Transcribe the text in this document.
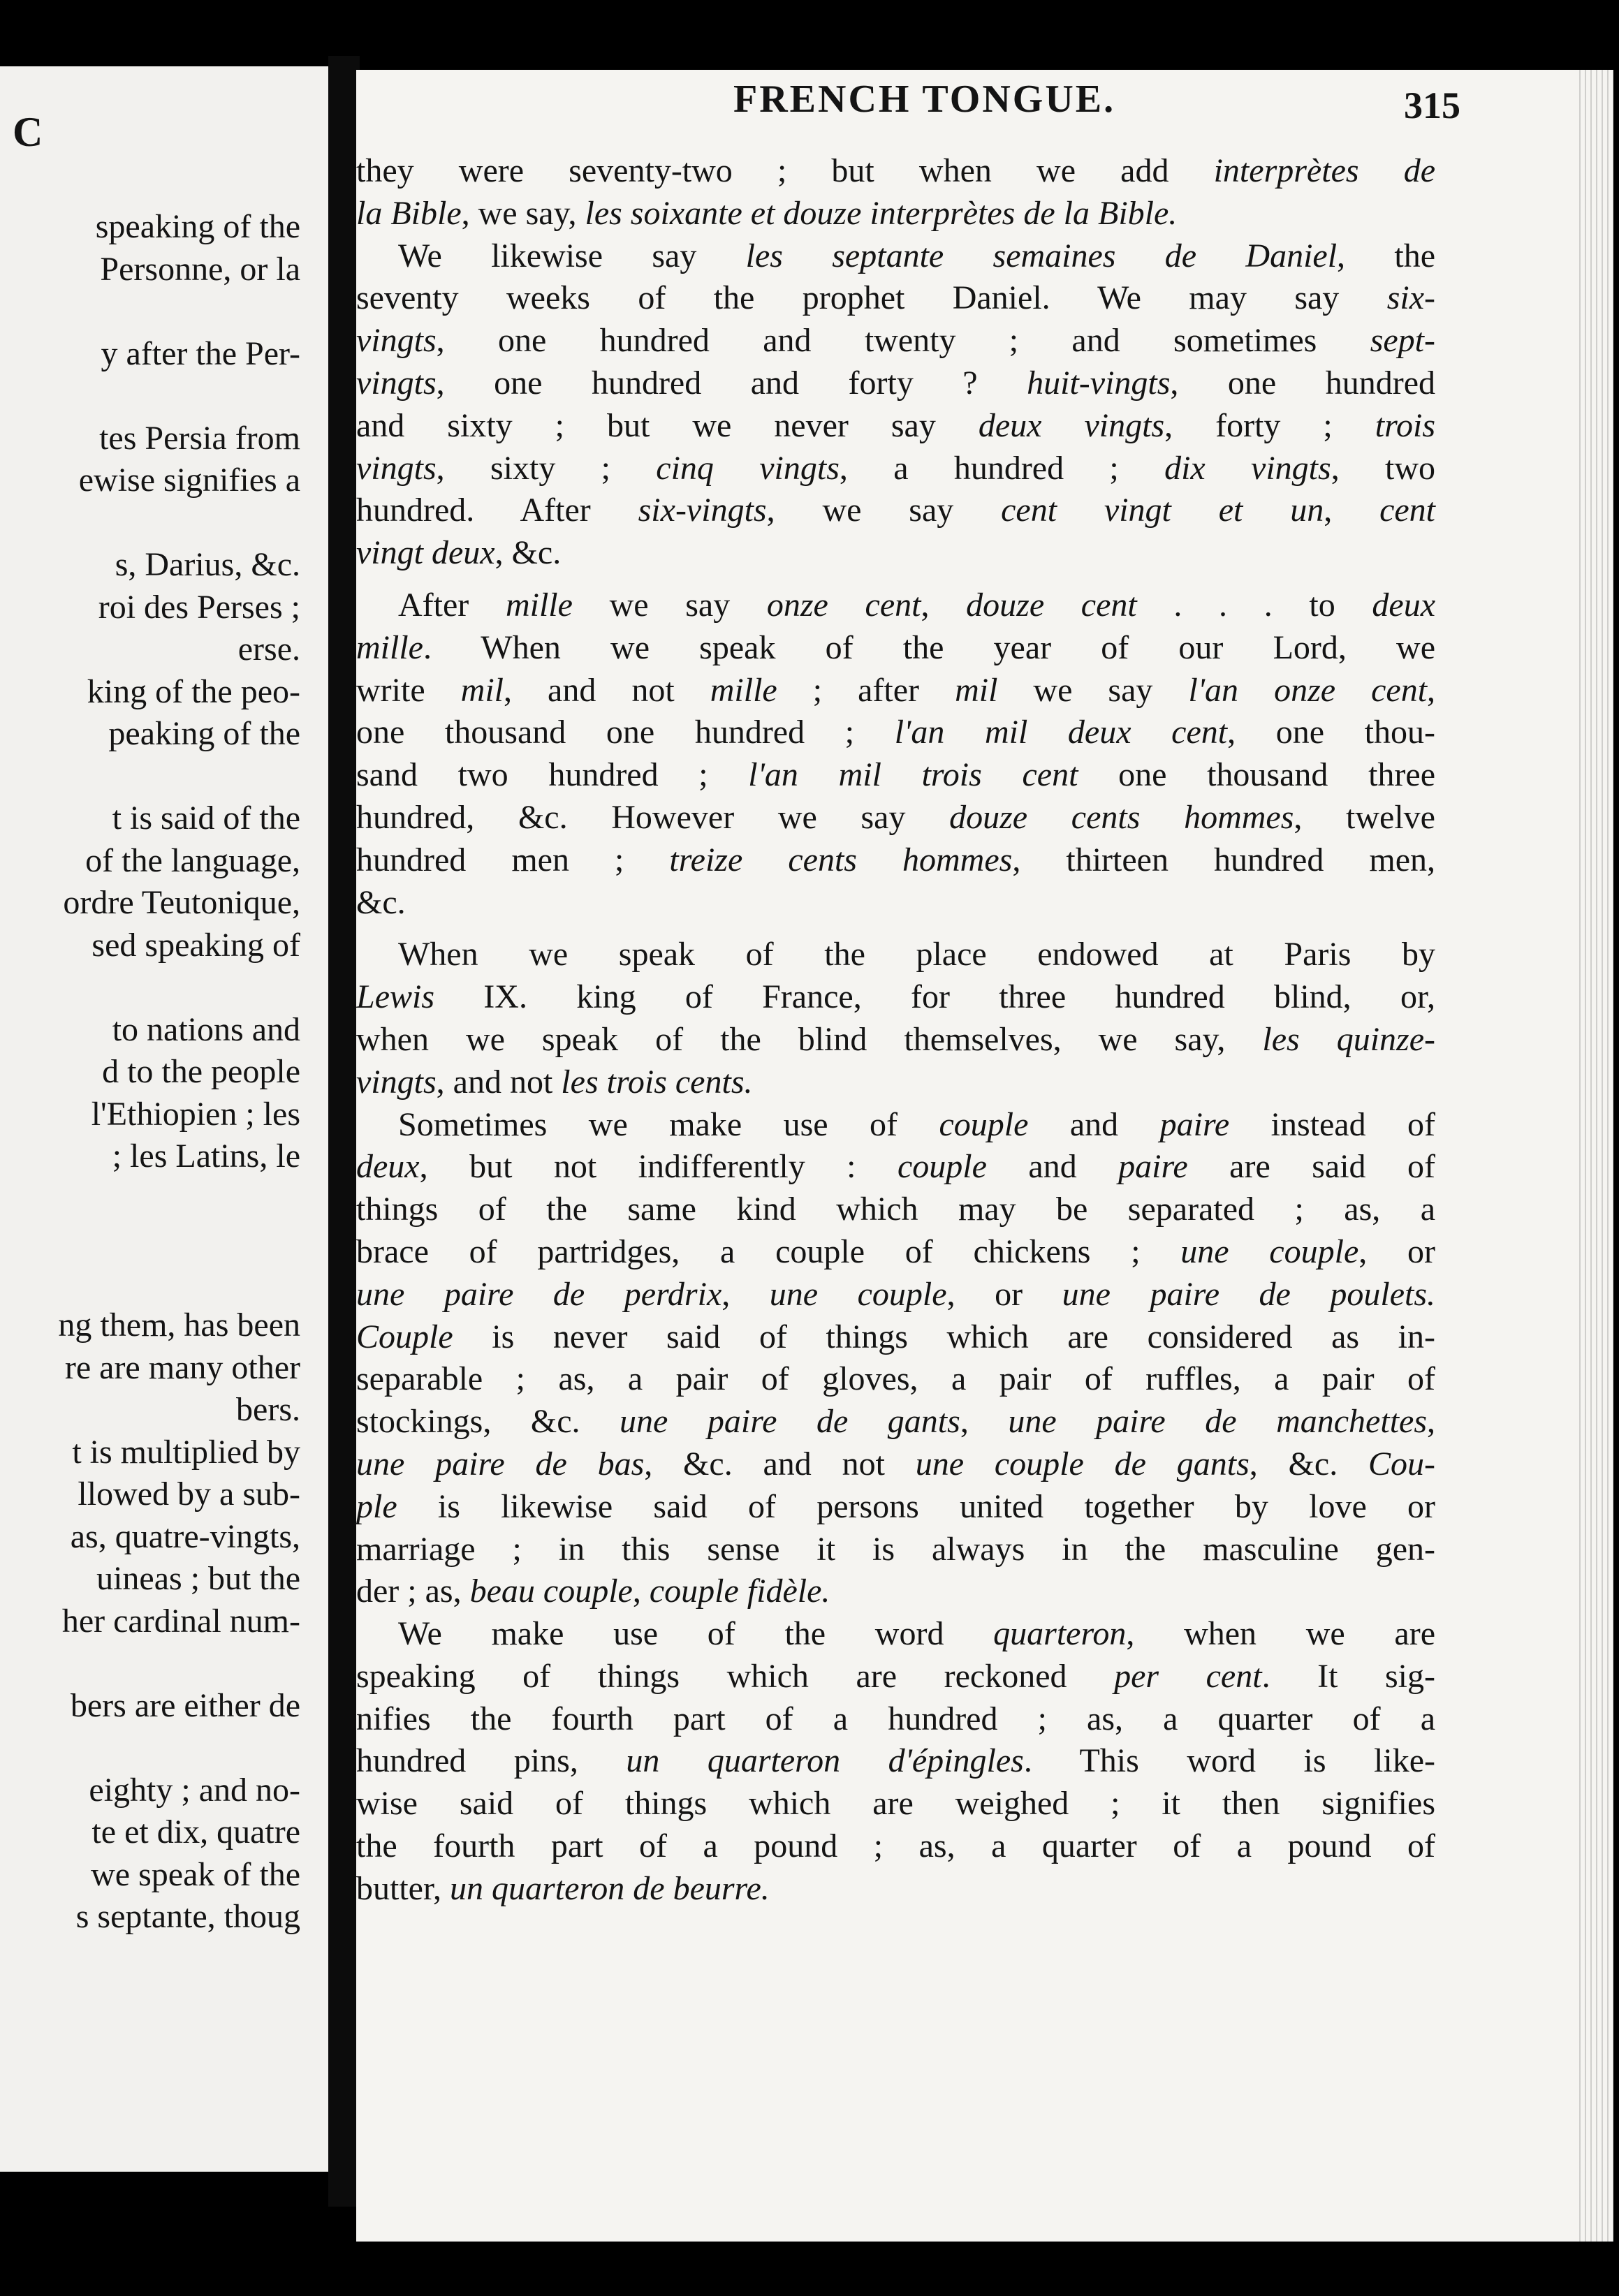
C
speaking of the
Personne, or la

y after the Per-

tes Persia from
ewise signifies a

s, Darius, &c.
roi des Perses ;
erse.
king of the peo-
peaking of the

t is said of the
of the language,
ordre Teutonique,
sed speaking of

to nations and
d to the people
l'Ethiopien ; les
; les Latins, le

ng them, has been
re are many other
bers.
t is multiplied by
llowed by a sub-
as, quatre-vingts,
uineas ; but the
her cardinal num-

bers are either de

eighty ; and no-
te et dix, quatre
we speak of the
s septante, thoug
FRENCH TONGUE.	315
they were seventy-two ; but when we add interprètes de
la Bible, we say, les soixante et douze interprètes de la Bible.
We likewise say les septante semaines de Daniel, the
seventy weeks of the prophet Daniel. We may say six-
vingts, one hundred and twenty ; and sometimes sept-
vingts, one hundred and forty ? huit-vingts, one hundred
and sixty ; but we never say deux vingts, forty ; trois
vingts, sixty ; cinq vingts, a hundred ; dix vingts, two
hundred. After six-vingts, we say cent vingt et un, cent
vingt deux, &c.
After mille we say onze cent, douze cent . . . to deux
mille. When we speak of the year of our Lord, we
write mil, and not mille ; after mil we say l'an onze cent,
one thousand one hundred ; l'an mil deux cent, one thou-
sand two hundred ; l'an mil trois cent one thousand three
hundred, &c. However we say douze cents hommes, twelve
hundred men ; treize cents hommes, thirteen hundred men,
&c.
When we speak of the place endowed at Paris by
Lewis IX. king of France, for three hundred blind, or,
when we speak of the blind themselves, we say, les quinze-
vingts, and not les trois cents.
Sometimes we make use of couple and paire instead of
deux, but not indifferently : couple and paire are said of
things of the same kind which may be separated ; as, a
brace of partridges, a couple of chickens ; une couple, or
une paire de perdrix, une couple, or une paire de poulets.
Couple is never said of things which are considered as in-
separable ; as, a pair of gloves, a pair of ruffles, a pair of
stockings, &c. une paire de gants, une paire de manchettes,
une paire de bas, &c. and not une couple de gants, &c. Cou-
ple is likewise said of persons united together by love or
marriage ; in this sense it is always in the masculine gen-
der ; as, beau couple, couple fidèle.
We make use of the word quarteron, when we are
speaking of things which are reckoned per cent. It sig-
nifies the fourth part of a hundred ; as, a quarter of a
hundred pins, un quarteron d'épingles. This word is like-
wise said of things which are weighed ; it then signifies
the fourth part of a pound ; as, a quarter of a pound of
butter, un quarteron de beurre.
